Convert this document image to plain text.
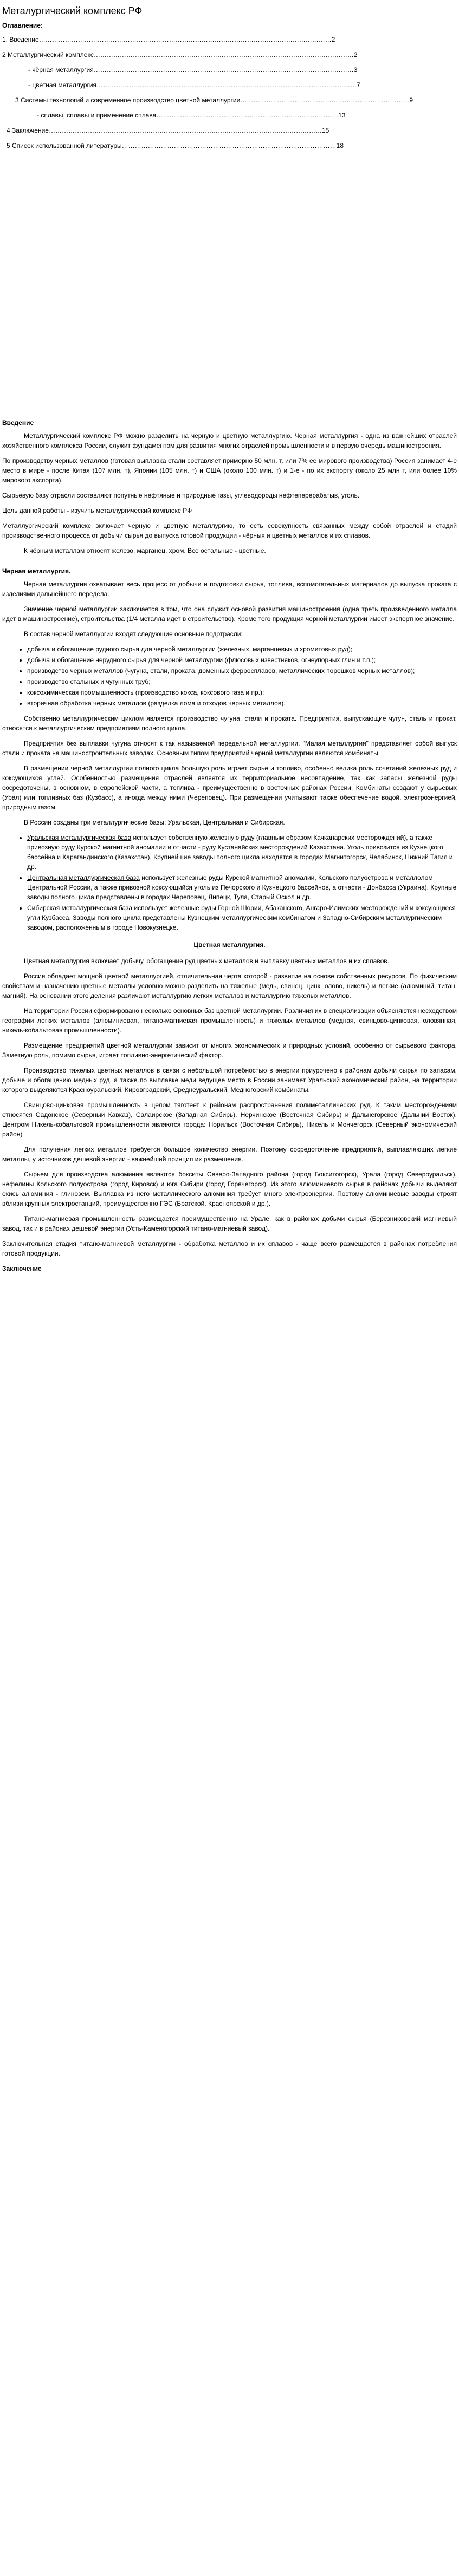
Металургический комплекс РФ
Оглавление:
1. Введение ……………………………………………………………………………………………………………………… 2
2 Металлургический комплекс ………………………………………………………………………………………………………… 2
- чёрная металлургия ………………………………………………………………………………………………………… 3
- цветная металлургия ………………………………………………………………………………………………………… 7
3 Системы технологий и современное производство цветной металлургии……………………………………………………………………9
- сплавы, сплавы и применение сплава ………………………………………………………………………… 13
4 Заключение ……………………………………………………………………………………………………………… 15
5 Список использованной литературы ……………………………………………………………………………………… 18
Введение

Металлургический комплекс РФ можно разделить на черную и цветную металлургию. Черная металлургия - одна из важнейших отраслей хозяйственного комплекса России, служит фундаментом для развития многих отраслей промышленности и в первую очередь машиностроения.

По производству черных металлов (готовая выплавка стали составляет примерно 50 млн. т, или 7% ее мирового производства) Россия занимает 4-е место в мире - после Китая (107 млн. т), Японии (105 млн. т) и США (около 100 млн. т) и 1-е - по их экспорту (около 25 млн т, или более 10% мирового экспорта).

Сырьевую базу отрасли составляют попутные нефтяные и природные газы, углеводороды нефтеперерабатыв, уголь.

Цель данной работы - изучить металлургический комплекс РФ

Металлургический комплекс включает черную и цветную металлургию, то есть совокупность связанных между собой отраслей и стадий производственного процесса от добычи сырья до выпуска готовой продукции - чёрных и цветных металлов и их сплавов.

К чёрным металлам относят железо, марганец, хром. Все остальные - цветные.

Черная металлургия.

Черная металлургия охватывает весь процесс от добычи и подготовки сырья, топлива, вспомогательных материалов до выпуска проката с изделиями дальнейшего передела.

Значение черной металлургии заключается в том, что она служит основой развития машиностроения (одна треть произведенного металла идет в машиностроение), строительства (1/4 металла идет в строительство). Кроме того продукция черной металлургии имеет экспортное значение.

В состав черной металлургии входят следующие основные подотрасли:

• добыча и обогащение рудного сырья для черной металлургии (железных, марганцевых и хромитовых руд);
• добыча и обогащение нерудного сырья для черной металлургии (флюсовых известняков, огнеупорных глин и т.п.);
• производство черных металлов (чугуна, стали, проката, доменных ферросплавов, металлических порошков черных металлов);
• производство стальных и чугунных труб;
• коксохимическая промышленность (производство кокса, коксового газа и пр.);
• вторичная обработка черных металлов (разделка лома и отходов черных металлов).

Собственно металлургическим циклом является производство чугуна, стали и проката. Предприятия, выпускающие чугун, сталь и прокат, относятся к металлургическим предприятиям полного цикла.

Предприятия без выплавки чугуна относят к так называемой передельной металлургии. "Малая металлургия" представляет собой выпуск стали и проката на машиностроительных заводах. Основным типом предприятий черной металлургии являются комбинаты.

В размещении черной металлургии полного цикла большую роль играет сырье и топливо, особенно велика роль сочетаний железных руд и коксующихся углей. Особенностью размещения отраслей является их территориальное несовпадение, так как запасы железной руды сосредоточены, в основном, в европейской части, а топлива - преимущественно в восточных районах России. Комбинаты создают у сырьевых (Урал) или топливных баз (Кузбасс), а иногда между ними (Череповец). При размещении учитывают также обеспечение водой, электроэнергией, природным газом.

В России созданы три металлургические базы: Уральская, Центральная и Сибирская.

• Уральская металлургическая база использует собственную железную руду (главным образом Качканарских месторождений), а также привозную руду Курской магнитной аномалии и отчасти - руду Кустанайских месторождений Казахстана. Уголь привозится из Кузнецкого бассейна и Карагандинского (Казахстан). Крупнейшие заводы полного цикла находятся в городах Магнитогорск, Челябинск, Нижний Тагил и др.
• Центральная металлургическая база использует железные руды Курской магнитной аномалии, Кольского полуострова и металлолом Центральной России, а также привозной коксующийся уголь из Печорского и Кузнецкого бассейнов, а отчасти - Донбасса (Украина). Крупные заводы полного цикла представлены в городах Череповец, Липецк, Тула, Старый Оскол и др.
• Сибирская металлургическая база использует железные руды Горной Шории, Абаканского, Ангаро-Илимских месторождений и коксующиеся угли Кузбасса. Заводы полного цикла представлены Кузнецким металлургическим комбинатом и Западно-Сибирским металлургическим заводом, расположенным в городе Новокузнецке.
Цветная металлургия.

Цветная металлургия включает добычу, обогащение руд цветных металлов и выплавку цветных металлов и их сплавов.

Россия обладает мощной цветной металлургией, отличительная черта которой - развитие на основе собственных ресурсов. По физическим свойствам и назначению цветные металлы условно можно разделить на тяжелые (медь, свинец, цинк, олово, никель) и легкие (алюминий, титан, магний). На основании этого деления различают металлургию легких металлов и металлургию тяжелых металлов.

На территории России сформировано несколько основных баз цветной металлургии. Различия их в специализации объясняются несходством географии легких металлов (алюминиевая, титано-магниевая промышленность) и тяжелых металлов (медная, свинцово-цинковая, оловянная, никель-кобальтовая промышленности).

Размещение предприятий цветной металлургии зависит от многих экономических и природных условий, особенно от сырьевого фактора. Заметную роль, помимо сырья, играет топливно-энергетический фактор.

Производство тяжелых цветных металлов в связи с небольшой потребностью в энергии приурочено к районам добычи сырья по запасам, добыче и обогащению медных руд, а также по выплавке меди ведущее место в России занимает Уральский экономический район, на территории которого выделяются Красноуральский, Кировградский, Среднеуральский, Медногорский комбинаты.

Свинцово-цинковая промышленность в целом тяготеет к районам распространения полиметаллических руд. К таким месторождениям относятся Садонское (Северный Кавказ), Салаирское (Западная Сибирь), Нерчинское (Восточная Сибирь) и Дальнегорское (Дальний Восток). Центром Никель-кобальтовой промышленности являются города: Норильск (Восточная Сибирь), Никель и Мончегорск (Северный экономический район)

Для получения легких металлов требуется большое количество энергии. Поэтому сосредоточение предприятий, выплавляющих легкие металлы, у источников дешевой энергии - важнейший принцип их размещения.

Сырьем для производства алюминия являются бокситы Северо-Западного района (город Бокситогорск), Урала (город Североуральск), нефелины Кольского полуострова (город Кировск) и юга Сибири (город Горячегорск). Из этого алюминиевого сырья в районах добычи выделяют окись алюминия - глинозем. Выплавка из него металлического алюминия требует много электроэнергии. Поэтому алюминиевые заводы строят вблизи крупных электростанций, преимущественно ГЭС (Братской, Красноярской и др.).

Титано-магниевая промышленность размещается преимущественно на Урале, как в районах добычи сырья (Березниковский магниевый завод, так и в районах дешевой энергии (Усть-Каменогорский титано-магниевый завод).

Заключительная стадия титано-магниевой металлургии - обработка металлов и их сплавов - чаще всего размещается в районах потребления готовой продукции.

Заключение
